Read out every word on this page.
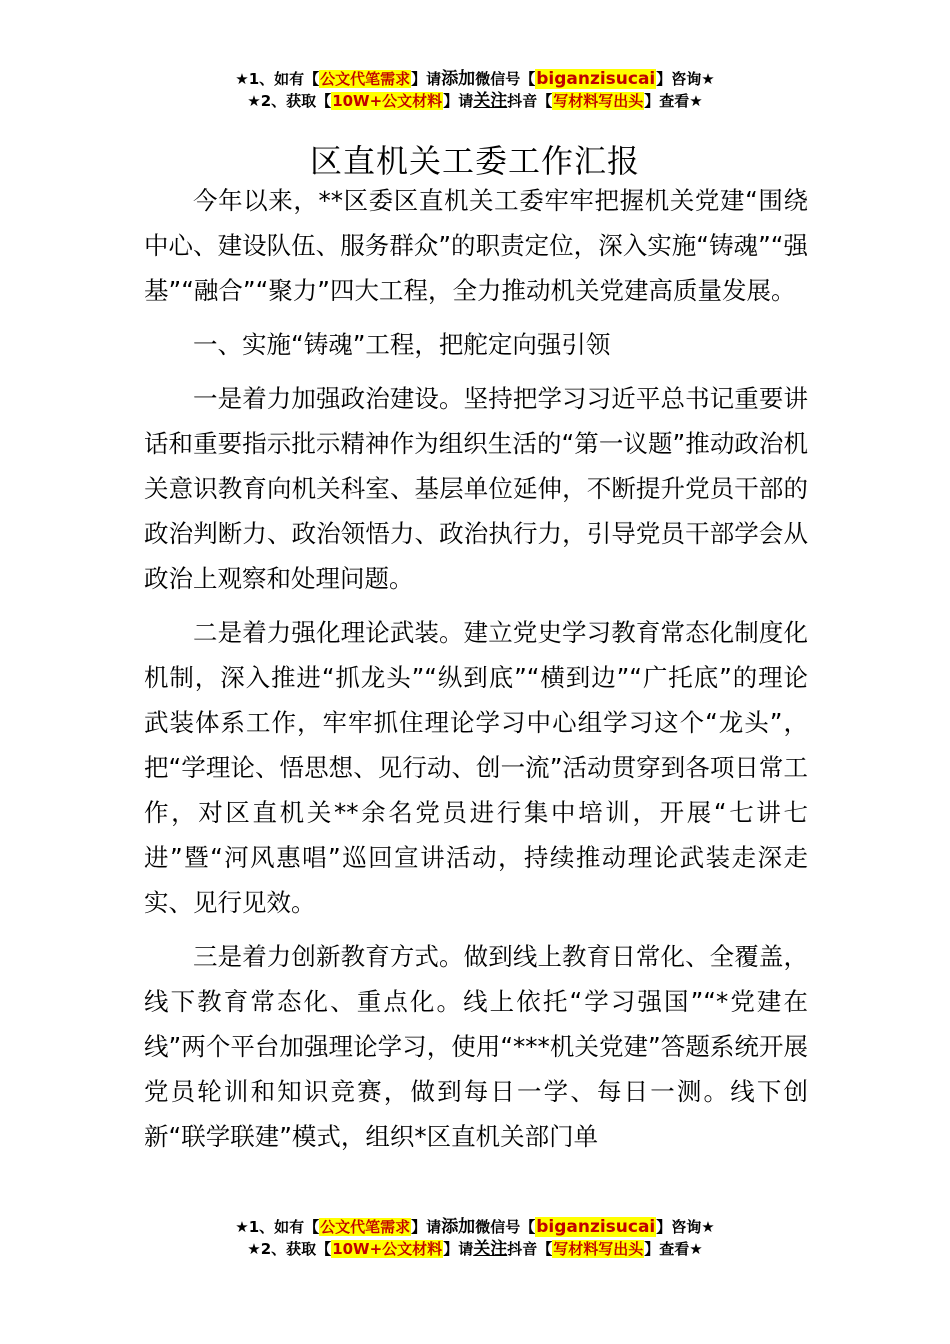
★1、如有【公文代笔需求】请添加微信号【biganzisucai】咨询★
★2、获取【10W+公文材料】请关注抖音【写材料写出头】查看★
区直机关工委工作汇报

今年以来，**区委区直机关工委牢牢把握机关党建“围绕中心、建设队伍、服务群众”的职责定位，深入实施“铸魂”“强基”“融合”“聚力”四大工程，全力推动机关党建高质量发展。

一、实施“铸魂”工程，把舵定向强引领

一是着力加强政治建设。坚持把学习习近平总书记重要讲话和重要指示批示精神作为组织生活的“第一议题”推动政治机关意识教育向机关科室、基层单位延伸，不断提升党员干部的政治判断力、政治领悟力、政治执行力，引导党员干部学会从政治上观察和处理问题。

二是着力强化理论武装。建立党史学习教育常态化制度化机制，深入推进“抓龙头”“纵到底”“横到边”“广托底”的理论武装体系工作，牢牢抓住理论学习中心组学习这个“龙头”，把“学理论、悟思想、见行动、创一流”活动贯穿到各项日常工作，对区直机关**余名党员进行集中培训，开展“七讲七进”暨“河风惠唱”巡回宣讲活动，持续推动理论武装走深走实、见行见效。

三是着力创新教育方式。做到线上教育日常化、全覆盖，线下教育常态化、重点化。线上依托“学习强国”“*党建在线”两个平台加强理论学习，使用“***机关党建”答题系统开展党员轮训和知识竞赛，做到每日一学、每日一测。线下创新“联学联建”模式，组织*区直机关部门单

★1、如有【公文代笔需求】请添加微信号【biganzisucai】咨询★
★2、获取【10W+公文材料】请关注抖音【写材料写出头】查看★
